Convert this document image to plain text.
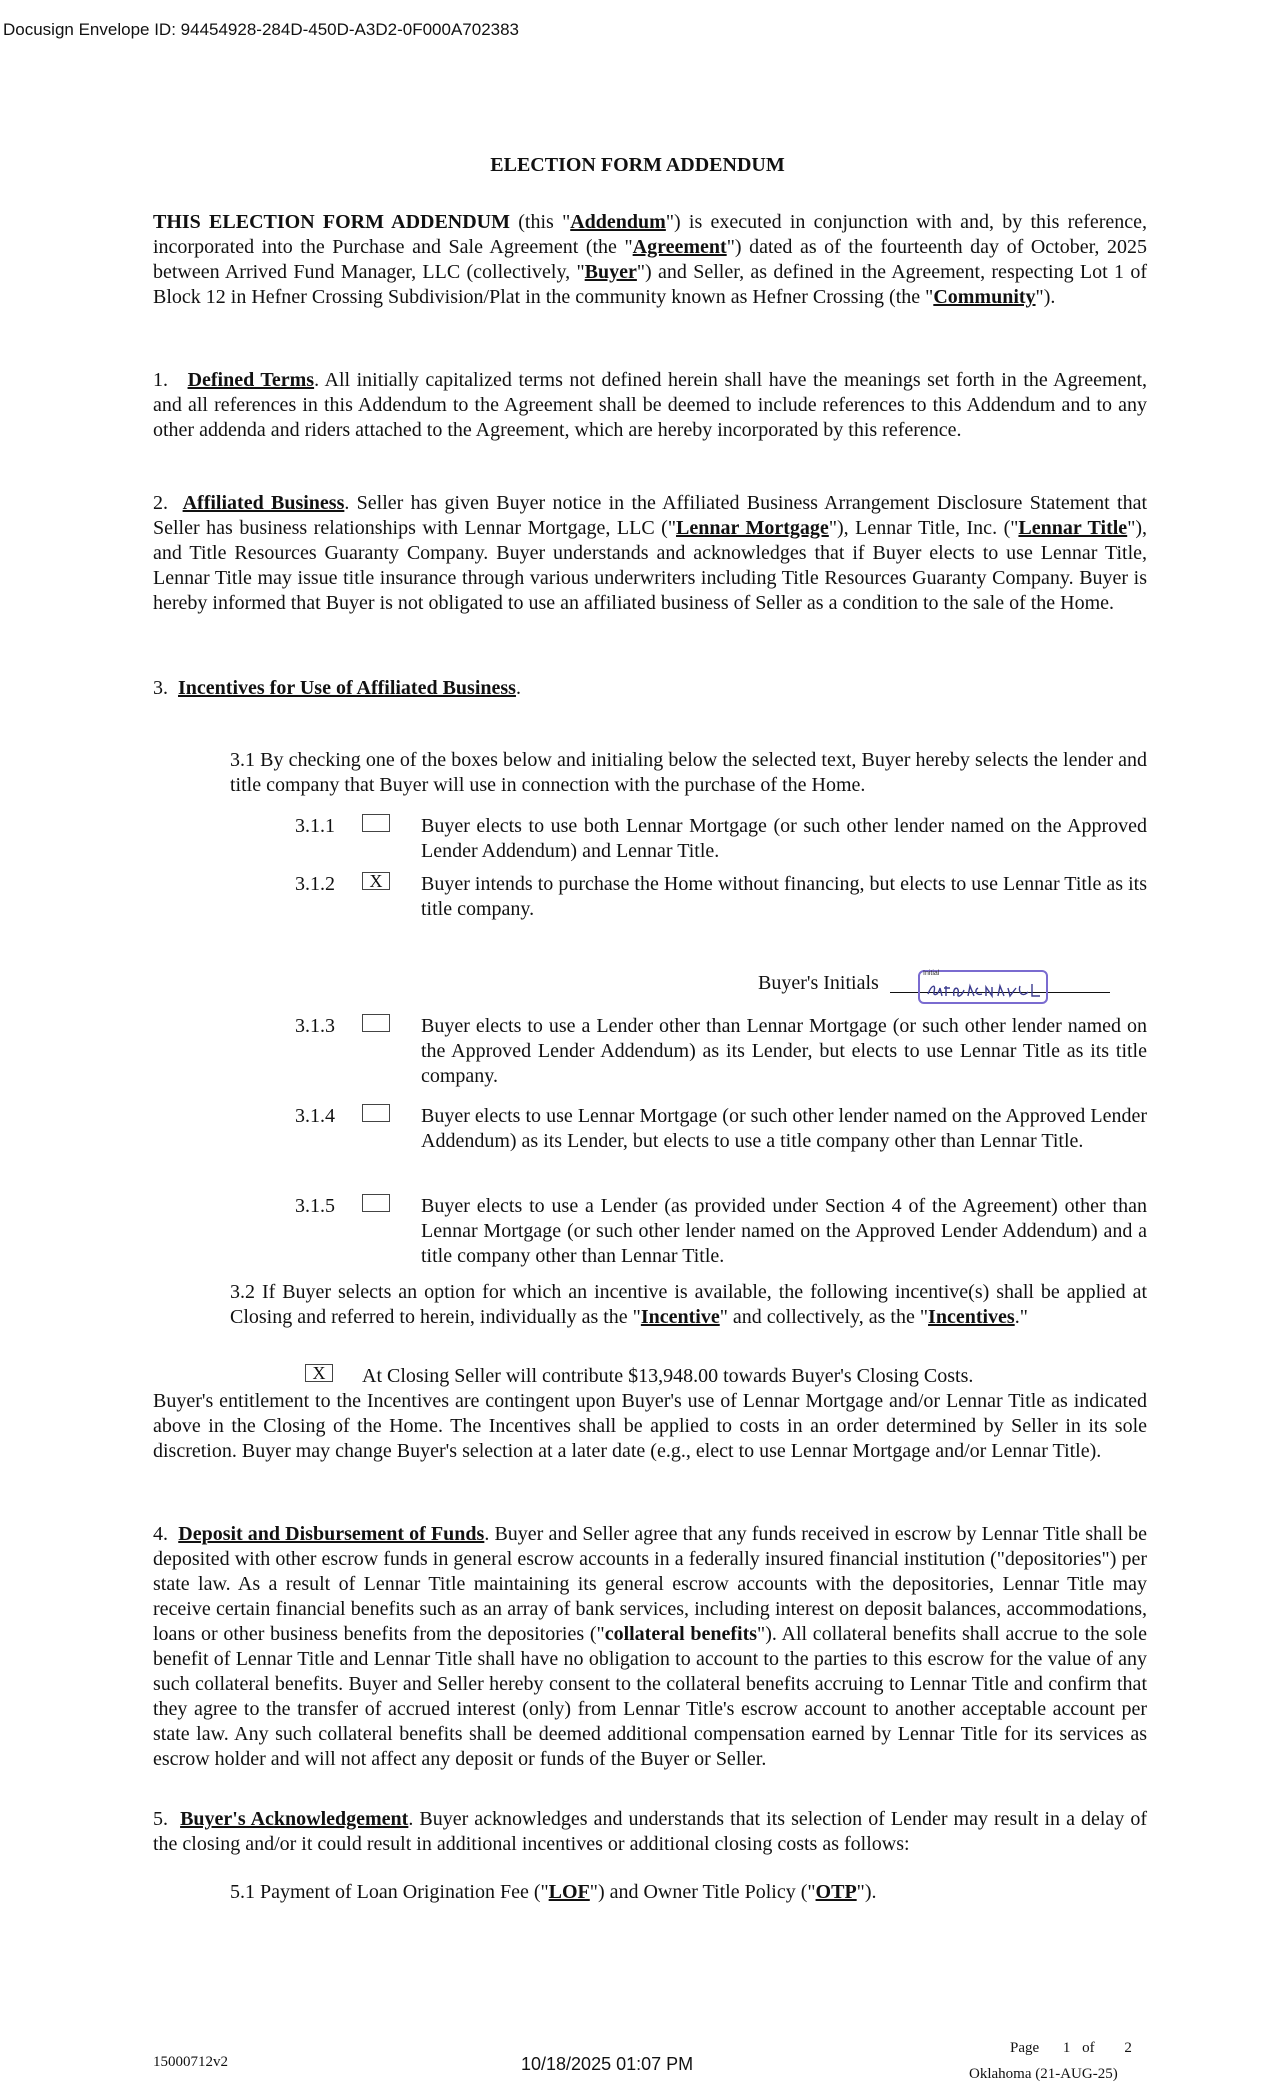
Docusign Envelope ID: 94454928-284D-450D-A3D2-0F000A702383
ELECTION FORM ADDENDUM
THIS ELECTION FORM ADDENDUM (this "Addendum") is executed in conjunction with and, by this reference, incorporated into the Purchase and Sale Agreement (the "Agreement") dated as of the fourteenth day of October, 2025 between Arrived Fund Manager, LLC (collectively, "Buyer") and Seller, as defined in the Agreement, respecting Lot 1 of Block 12 in Hefner Crossing Subdivision/Plat in the community known as Hefner Crossing (the "Community").
1. Defined Terms. All initially capitalized terms not defined herein shall have the meanings set forth in the Agreement, and all references in this Addendum to the Agreement shall be deemed to include references to this Addendum and to any other addenda and riders attached to the Agreement, which are hereby incorporated by this reference.
2. Affiliated Business. Seller has given Buyer notice in the Affiliated Business Arrangement Disclosure Statement that Seller has business relationships with Lennar Mortgage, LLC ("Lennar Mortgage"), Lennar Title, Inc. ("Lennar Title"), and Title Resources Guaranty Company. Buyer understands and acknowledges that if Buyer elects to use Lennar Title, Lennar Title may issue title insurance through various underwriters including Title Resources Guaranty Company. Buyer is hereby informed that Buyer is not obligated to use an affiliated business of Seller as a condition to the sale of the Home.
3. Incentives for Use of Affiliated Business.
3.1 By checking one of the boxes below and initialing below the selected text, Buyer hereby selects the lender and title company that Buyer will use in connection with the purchase of the Home.
3.1.1	Buyer elects to use both Lennar Mortgage (or such other lender named on the Approved Lender Addendum) and Lennar Title.
3.1.2	X	Buyer intends to purchase the Home without financing, but elects to use Lennar Title as its title company.
Buyer's Initials	Initial
3.1.3	Buyer elects to use a Lender other than Lennar Mortgage (or such other lender named on the Approved Lender Addendum) as its Lender, but elects to use Lennar Title as its title company.
3.1.4	Buyer elects to use Lennar Mortgage (or such other lender named on the Approved Lender Addendum) as its Lender, but elects to use a title company other than Lennar Title.
3.1.5	Buyer elects to use a Lender (as provided under Section 4 of the Agreement) other than Lennar Mortgage (or such other lender named on the Approved Lender Addendum) and a title company other than Lennar Title.
3.2 If Buyer selects an option for which an incentive is available, the following incentive(s) shall be applied at Closing and referred to herein, individually as the "Incentive" and collectively, as the "Incentives."
X	At Closing Seller will contribute $13,948.00 towards Buyer's Closing Costs.
Buyer's entitlement to the Incentives are contingent upon Buyer's use of Lennar Mortgage and/or Lennar Title as indicated above in the Closing of the Home. The Incentives shall be applied to costs in an order determined by Seller in its sole discretion. Buyer may change Buyer's selection at a later date (e.g., elect to use Lennar Mortgage and/or Lennar Title).
4. Deposit and Disbursement of Funds. Buyer and Seller agree that any funds received in escrow by Lennar Title shall be deposited with other escrow funds in general escrow accounts in a federally insured financial institution ("depositories") per state law. As a result of Lennar Title maintaining its general escrow accounts with the depositories, Lennar Title may receive certain financial benefits such as an array of bank services, including interest on deposit balances, accommodations, loans or other business benefits from the depositories ("collateral benefits"). All collateral benefits shall accrue to the sole benefit of Lennar Title and Lennar Title shall have no obligation to account to the parties to this escrow for the value of any such collateral benefits. Buyer and Seller hereby consent to the collateral benefits accruing to Lennar Title and confirm that they agree to the transfer of accrued interest (only) from Lennar Title's escrow account to another acceptable account per state law. Any such collateral benefits shall be deemed additional compensation earned by Lennar Title for its services as escrow holder and will not affect any deposit or funds of the Buyer or Seller.
5. Buyer's Acknowledgement. Buyer acknowledges and understands that its selection of Lender may result in a delay of the closing and/or it could result in additional incentives or additional closing costs as follows:
5.1 Payment of Loan Origination Fee ("LOF") and Owner Title Policy ("OTP").
15000712v2	10/18/2025 01:07 PM
Page 1 of 2
Oklahoma (21-AUG-25)
